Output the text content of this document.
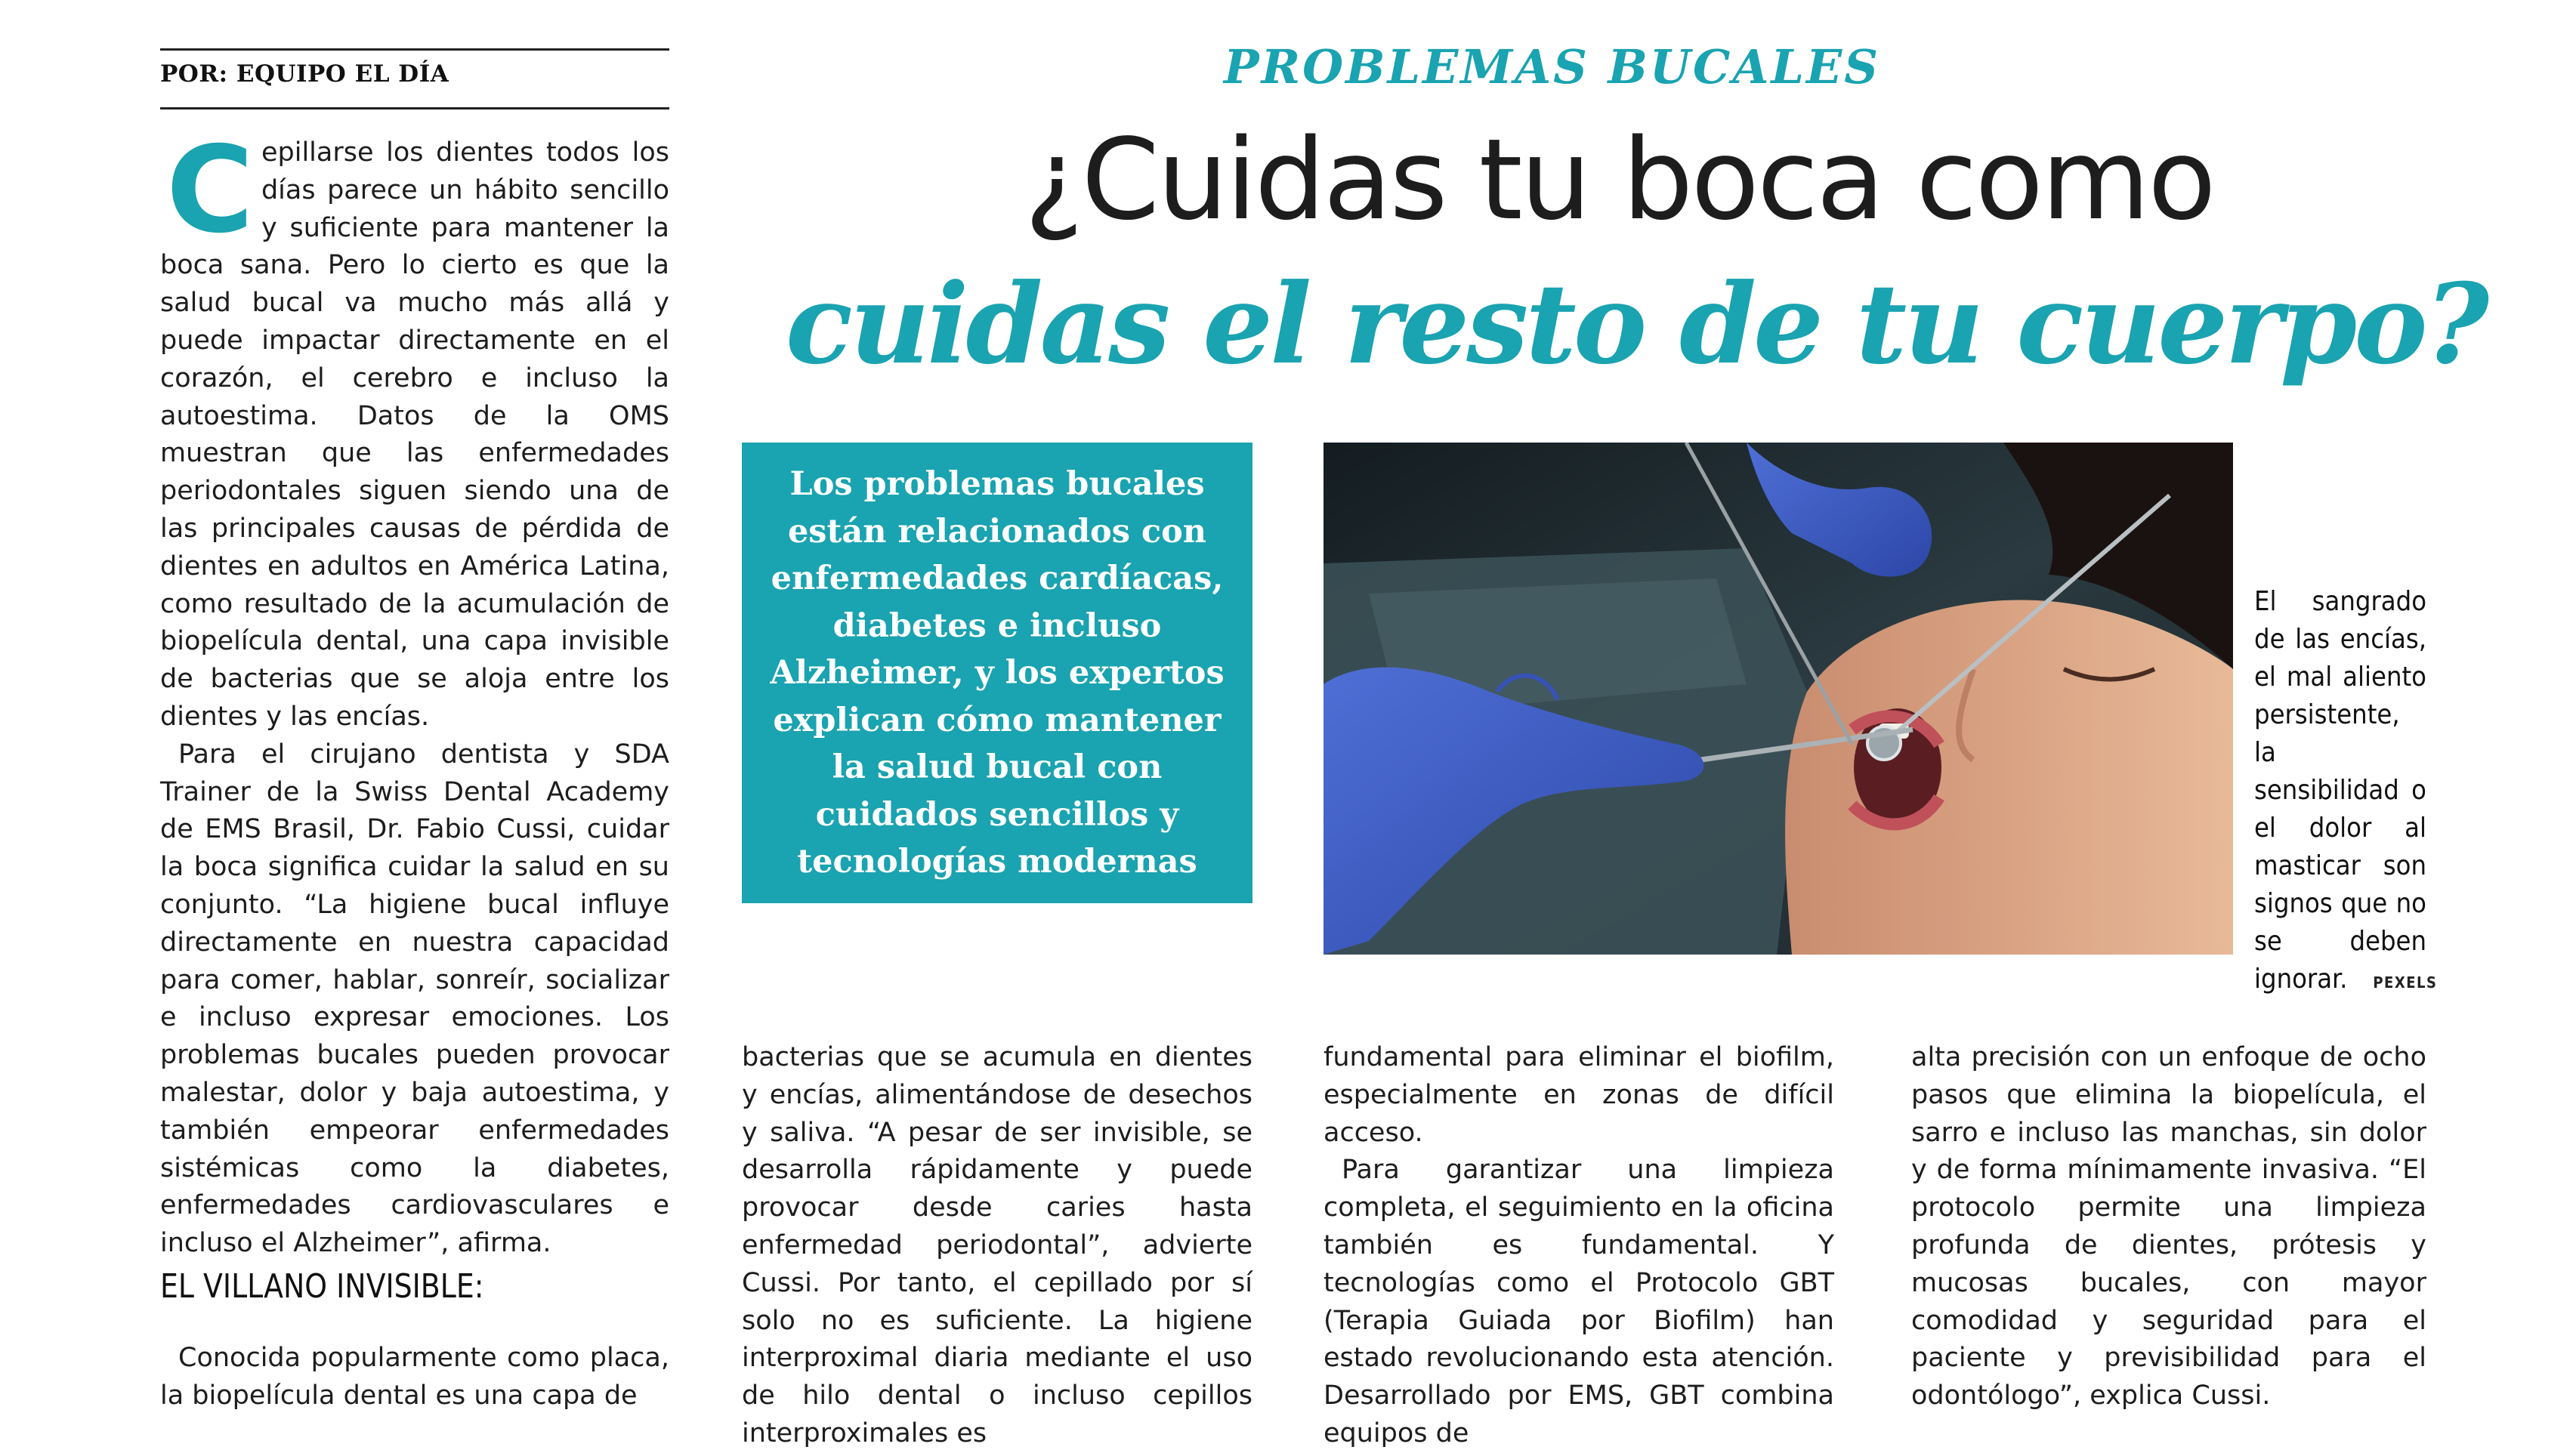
POR: EQUIPO EL DÍA

Cepillarse los dientes todos los días parece un hábito sencillo y suficiente para mantener la boca sana. Pero lo cierto es que la salud bucal va mucho más allá y puede impactar directamente en el corazón, el cerebro e incluso la autoestima. Datos de la OMS muestran que las enfermedades periodontales siguen siendo una de las principales causas de pérdida de dientes en adultos en América Latina, como resultado de la acumulación de biopelícula dental, una capa invisible de bacterias que se aloja entre los dientes y las encías.

Para el cirujano dentista y SDA Trainer de la Swiss Dental Academy de EMS Brasil, Dr. Fabio Cussi, cuidar la boca significa cuidar la salud en su conjunto. “La higiene bucal influye directamente en nuestra capacidad para comer, hablar, sonreír, socializar e incluso expresar emociones. Los problemas bucales pueden provocar malestar, dolor y baja autoestima, y también empeorar enfermedades sistémicas como la diabetes, enfermedades cardiovasculares e incluso el Alzheimer”, afirma.

EL VILLANO INVISIBLE:

Conocida popularmente como placa, la biopelícula dental es una capa de

PROBLEMAS BUCALES
¿Cuidas tu boca como
cuidas el resto de tu cuerpo?
Los problemas bucales están relacionados con enfermedades cardíacas, diabetes e incluso Alzheimer, y los expertos explican cómo mantener la salud bucal con cuidados sencillos y tecnologías modernas
El sangrado de las encías, el mal aliento persistente, la sensibilidad o el dolor al masticar son signos que no se deben ignorar. PEXELS

bacterias que se acumula en dientes y encías, alimentándose de desechos y saliva. “A pesar de ser invisible, se desarrolla rápidamente y puede provocar desde caries hasta enfermedad periodontal”, advierte Cussi. Por tanto, el cepillado por sí solo no es suficiente. La higiene interproximal diaria mediante el uso de hilo dental o incluso cepillos interproximales es

fundamental para eliminar el biofilm, especialmente en zonas de difícil acceso.

Para garantizar una limpieza completa, el seguimiento en la oficina también es fundamental. Y tecnologías como el Protocolo GBT (Terapia Guiada por Biofilm) han estado revolucionando esta atención. Desarrollado por EMS, GBT combina equipos de

alta precisión con un enfoque de ocho pasos que elimina la biopelícula, el sarro e incluso las manchas, sin dolor y de forma mínimamente invasiva. “El protocolo permite una limpieza profunda de dientes, prótesis y mucosas bucales, con mayor comodidad y seguridad para el paciente y previsibilidad para el odontólogo”, explica Cussi.
